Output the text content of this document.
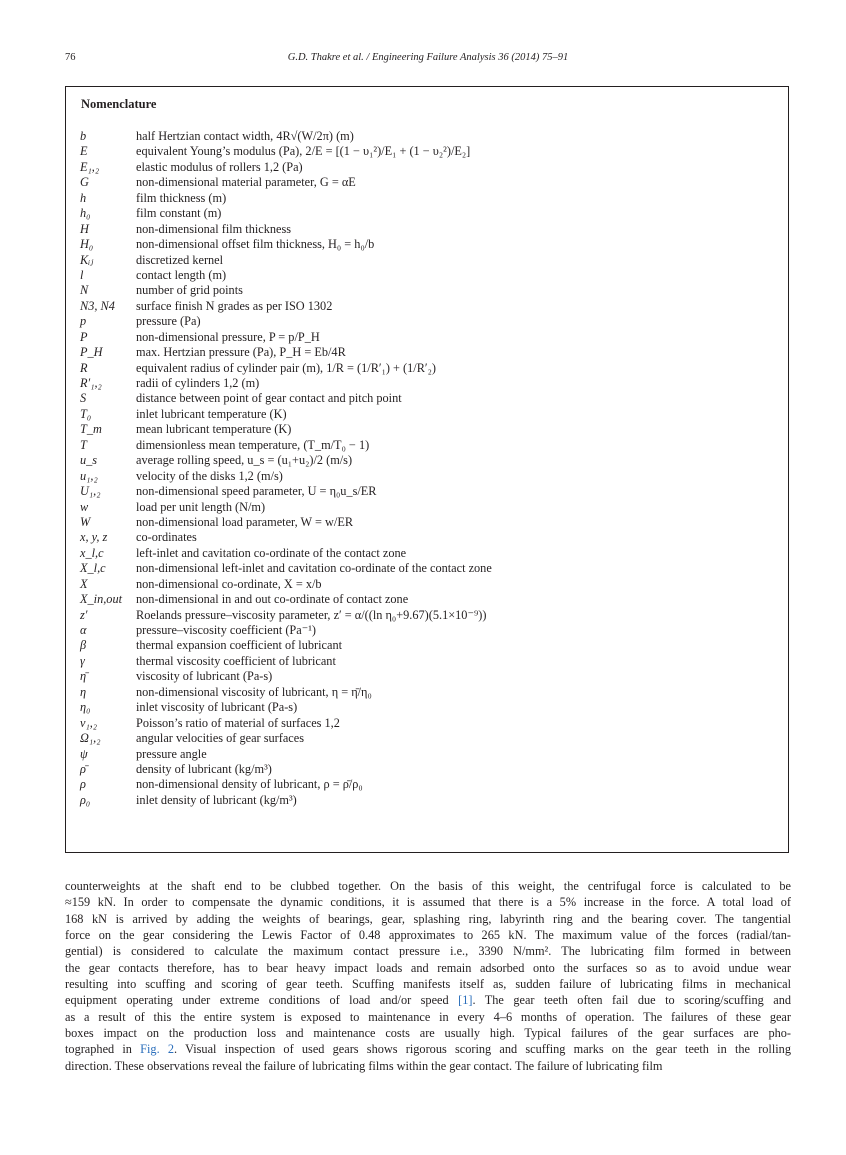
76	G.D. Thakre et al. / Engineering Failure Analysis 36 (2014) 75–91
Nomenclature
b	half Hertzian contact width, 4R√(W/2π) (m)
E	equivalent Young’s modulus (Pa), 2/E = [(1 − υ₁²)/E₁ + (1 − υ₂²)/E₂]
E₁,₂	elastic modulus of rollers 1,2 (Pa)
G	non-dimensional material parameter, G = αE
h	film thickness (m)
h₀	film constant (m)
H	non-dimensional film thickness
H₀	non-dimensional offset film thickness, H₀ = h₀/b
Kᵢⱼ	discretized kernel
l	contact length (m)
N	number of grid points
N3, N4 surface finish N grades as per ISO 1302
p	pressure (Pa)
P	non-dimensional pressure, P = p/P_H
P_H	max. Hertzian pressure (Pa), P_H = Eb/4R
R	equivalent radius of cylinder pair (m), 1/R = (1/R′₁) + (1/R′₂)
R′₁,₂	radii of cylinders 1,2 (m)
S	distance between point of gear contact and pitch point
T₀	inlet lubricant temperature (K)
T_m	mean lubricant temperature (K)
T	dimensionless mean temperature, (T_m/T₀ − 1)
u_s	average rolling speed, u_s = (u₁+u₂)/2 (m/s)
u₁,₂	velocity of the disks 1,2 (m/s)
U₁,₂	non-dimensional speed parameter, U = η₀u_s/ER
w	load per unit length (N/m)
W	non-dimensional load parameter, W = w/ER
x, y, z co-ordinates
x_l,c	left-inlet and cavitation co-ordinate of the contact zone
X_l,c non-dimensional left-inlet and cavitation co-ordinate of the contact zone
X	non-dimensional co-ordinate, X = x/b
X_in,out non-dimensional in and out co-ordinate of contact zone
z′	Roelands pressure–viscosity parameter, z′ = α/((ln η₀+9.67)(5.1×10⁻⁹))
α	pressure–viscosity coefficient (Pa⁻¹)
β	thermal expansion coefficient of lubricant
γ	thermal viscosity coefficient of lubricant
η̄	viscosity of lubricant (Pa-s)
η	non-dimensional viscosity of lubricant, η = η̄/η₀
η₀	inlet viscosity of lubricant (Pa-s)
ν₁,₂	Poisson’s ratio of material of surfaces 1,2
Ω₁,₂	angular velocities of gear surfaces
ψ	pressure angle
ρ̄	density of lubricant (kg/m³)
ρ	non-dimensional density of lubricant, ρ = ρ̄/ρ₀
ρ₀	inlet density of lubricant (kg/m³)
counterweights at the shaft end to be clubbed together. On the basis of this weight, the centrifugal force is calculated to be
≈159 kN. In order to compensate the dynamic conditions, it is assumed that there is a 5% increase in the force. A total load of
168 kN is arrived by adding the weights of bearings, gear, splashing ring, labyrinth ring and the bearing cover. The tangential
force on the gear considering the Lewis Factor of 0.48 approximates to 265 kN. The maximum value of the forces (radial/tan-
gential) is considered to calculate the maximum contact pressure i.e., 3390 N/mm². The lubricating film formed in between
the gear contacts therefore, has to bear heavy impact loads and remain adsorbed onto the surfaces so as to avoid undue wear
resulting into scuffing and scoring of gear teeth. Scuffing manifests itself as, sudden failure of lubricating films in mechanical
equipment operating under extreme conditions of load and/or speed [1]. The gear teeth often fail due to scoring/scuffing and
as a result of this the entire system is exposed to maintenance in every 4–6 months of operation. The failures of these gear
boxes impact on the production loss and maintenance costs are usually high. Typical failures of the gear surfaces are pho-
tographed in Fig. 2. Visual inspection of used gears shows rigorous scoring and scuffing marks on the gear teeth in the rolling
direction. These observations reveal the failure of lubricating films within the gear contact. The failure of lubricating film
